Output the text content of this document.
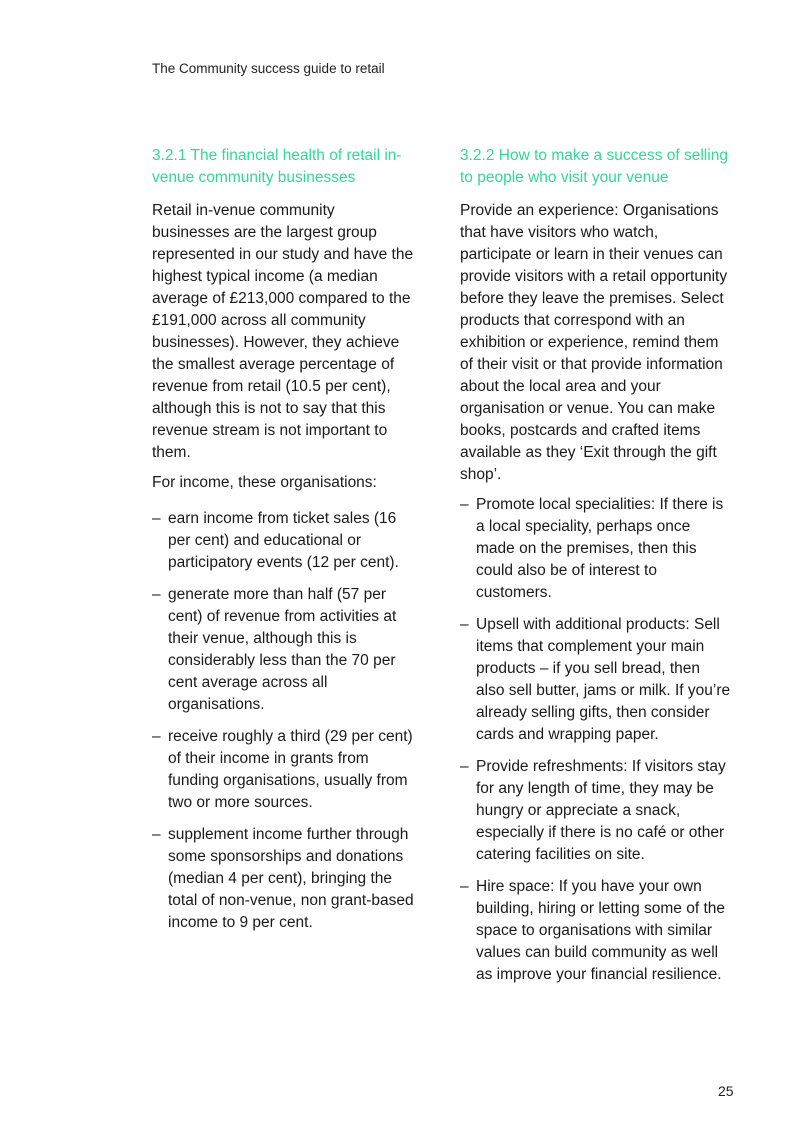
The Community success guide to retail
3.2.1 The financial health of retail in-venue community businesses

Retail in-venue community businesses are the largest group represented in our study and have the highest typical income (a median average of £213,000 compared to the £191,000 across all community businesses). However, they achieve the smallest average percentage of revenue from retail (10.5 per cent), although this is not to say that this revenue stream is not important to them.

For income, these organisations:

– earn income from ticket sales (16 per cent) and educational or participatory events (12 per cent).
– generate more than half (57 per cent) of revenue from activities at their venue, although this is considerably less than the 70 per cent average across all organisations.
– receive roughly a third (29 per cent) of their income in grants from funding organisations, usually from two or more sources.
– supplement income further through some sponsorships and donations (median 4 per cent), bringing the total of non-venue, non grant-based income to 9 per cent.
3.2.2 How to make a success of selling to people who visit your venue

Provide an experience: Organisations that have visitors who watch, participate or learn in their venues can provide visitors with a retail opportunity before they leave the premises. Select products that correspond with an exhibition or experience, remind them of their visit or that provide information about the local area and your organisation or venue. You can make books, postcards and crafted items available as they ‘Exit through the gift shop’.

– Promote local specialities: If there is a local speciality, perhaps once made on the premises, then this could also be of interest to customers.
– Upsell with additional products: Sell items that complement your main products – if you sell bread, then also sell butter, jams or milk. If you’re already selling gifts, then consider cards and wrapping paper.
– Provide refreshments: If visitors stay for any length of time, they may be hungry or appreciate a snack, especially if there is no café or other catering facilities on site.
– Hire space: If you have your own building, hiring or letting some of the space to organisations with similar values can build community as well as improve your financial resilience.
25
